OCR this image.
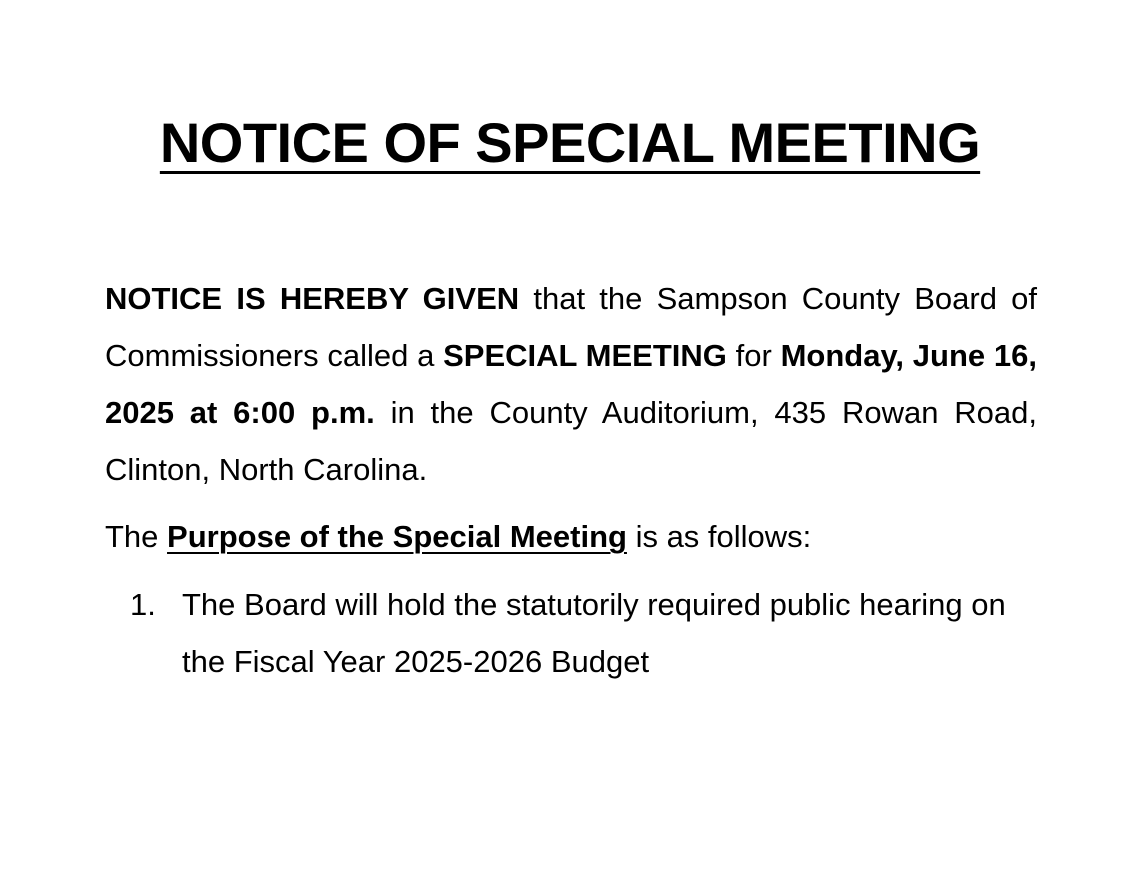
NOTICE OF SPECIAL MEETING

NOTICE IS HEREBY GIVEN that the Sampson County Board of Commissioners called a SPECIAL MEETING for Monday, June 16, 2025 at 6:00 p.m. in the County Auditorium, 435 Rowan Road, Clinton, North Carolina.

The Purpose of the Special Meeting is as follows:

1. The Board will hold the statutorily required public hearing on the Fiscal Year 2025-2026 Budget
